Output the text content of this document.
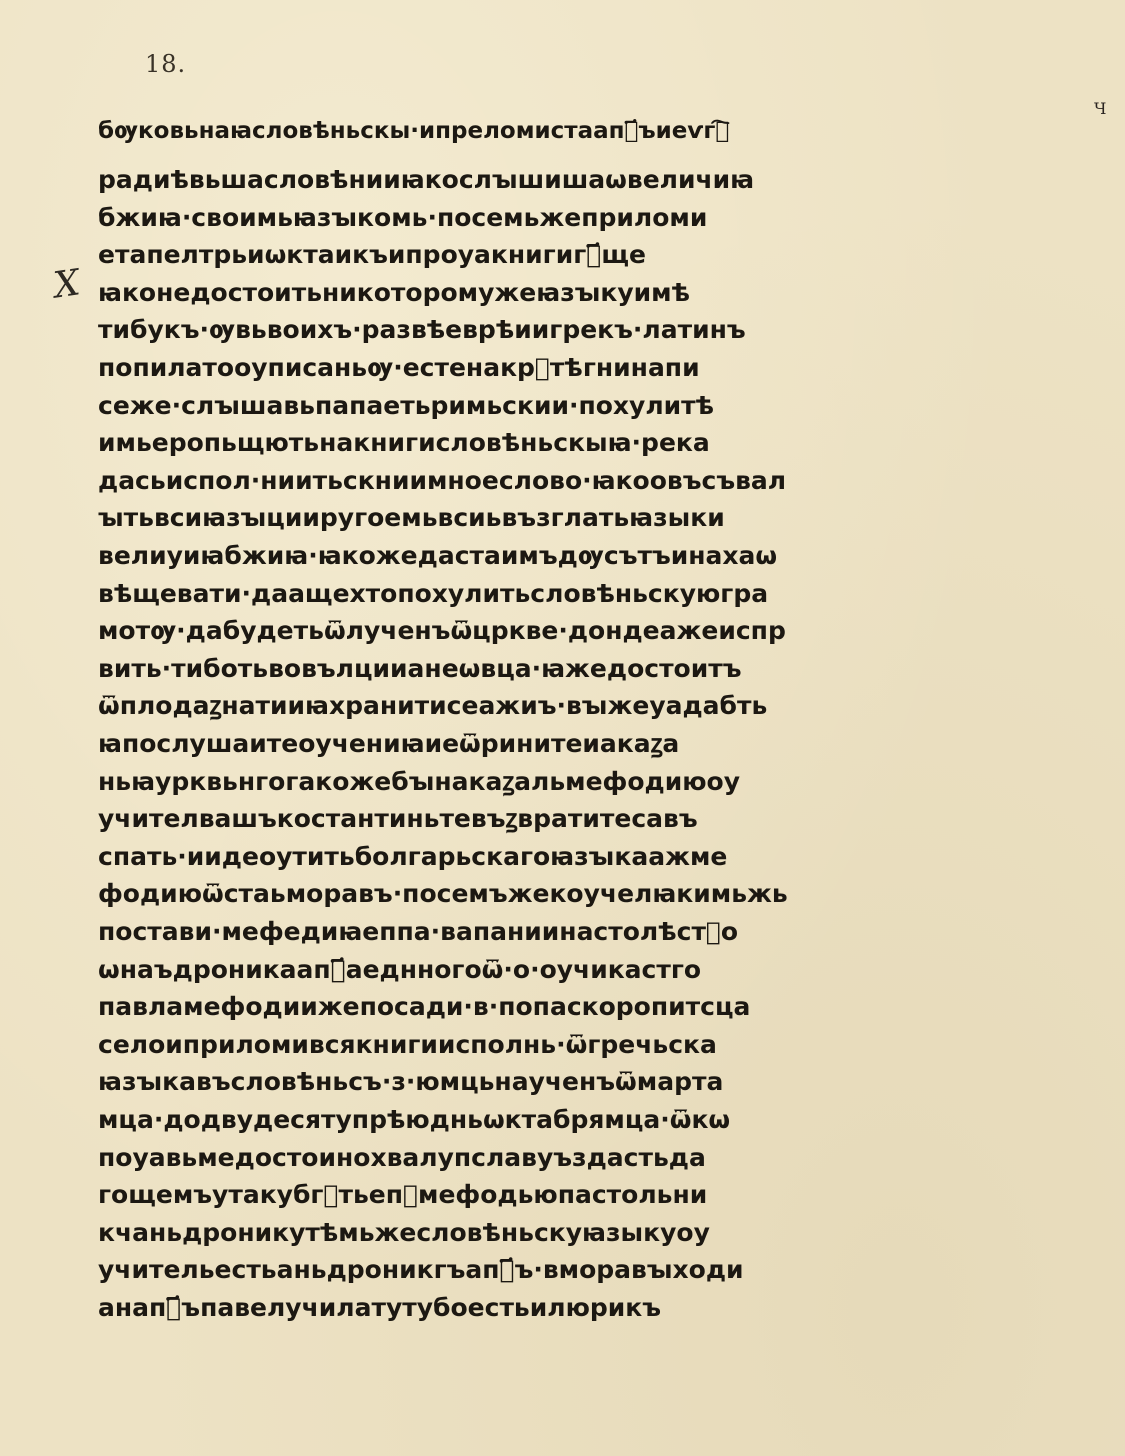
18.
Ч
Х
бѹковьнаꙗсловѣньскы·ипреломистаапⷧ҃ъиеѵгⷧ҇
радиѣвьшасловѣнииꙗкослꙑшишаѡвеличиꙗ
бжиꙗ·своимьꙗзꙑкомь·посемьжеприломи
етапелтрьиѡктаикъипроуакнигигⷧ҃ще
ꙗконедостоитьникоторомужеꙗзꙑкуимѣ
тибукъ·ѹвьвоихъ·развѣеврѣиигрекъ·латинъ
попилатооуписаньѹ·естенакрⷭтѣгнинапи
сеже·слꙑшавьпапаетьримьскии·похулитѣ
имьеропьщютьнакнигисловѣньскыꙗ·река
дасьиспол·ниитьскниимноеслово·ꙗкоовъсъвал
ꙑтьвсиꙗзꙑцииругоемьвсиьвъзглатьꙗзыки
велиуиꙗбжиꙗ·ꙗкожедастаимъдѹсътъинахаѡ
вѣщевати·даащехтопохулитьсловѣньскуюгра
мотѹ·дабудетьѿлученъѿцркве·дондеажеиспр
вить·тиботьвовълциианеѡвца·ꙗжедостоитъ
ѿплодаꙁнатииꙗхранитисеажиъ·вꙑжеуадабть
ꙗпослушаитеоучениꙗиеѿринитеиакаꙁа
ньꙗурквьнгогакожебꙑнакаꙁальмефодиюоу
учителвашъкостантиньтевъꙁвратитесавъ
спать·иидеоутитьболгарьскагоꙗзꙑкаажме
фодиюѿстаьморавъ·посемъжекоучелꙗкимьжь
постави·мефедиꙗеппа·вапаниинастолѣстⷭо
ѡнаъдроникаапⷧ҃аеднногоѿ·о·оучикастго
павламефодиижепосади·в·попаскоропитсца
селоиприломивсякнигиисполнь·ѿгречьска
ꙗзꙑкавъсловѣньсъ·з·юмцьнаученъѿмарта
мца·додвудесятупрѣюдньѡктабрямца·ѿкѡ
поуавьмедостоинохвалупславуъздастьда
гощемъутакубгⷣтьепⷭмефодьюпастольни
кчаньдроникутѣмьжесловѣньскуꙗзыкуоу
учительестьаньдроникгъапⷧ҃ъ·вморавꙑходи
анапⷧ҃ъпавелучилатутубоестьилюрикъ
